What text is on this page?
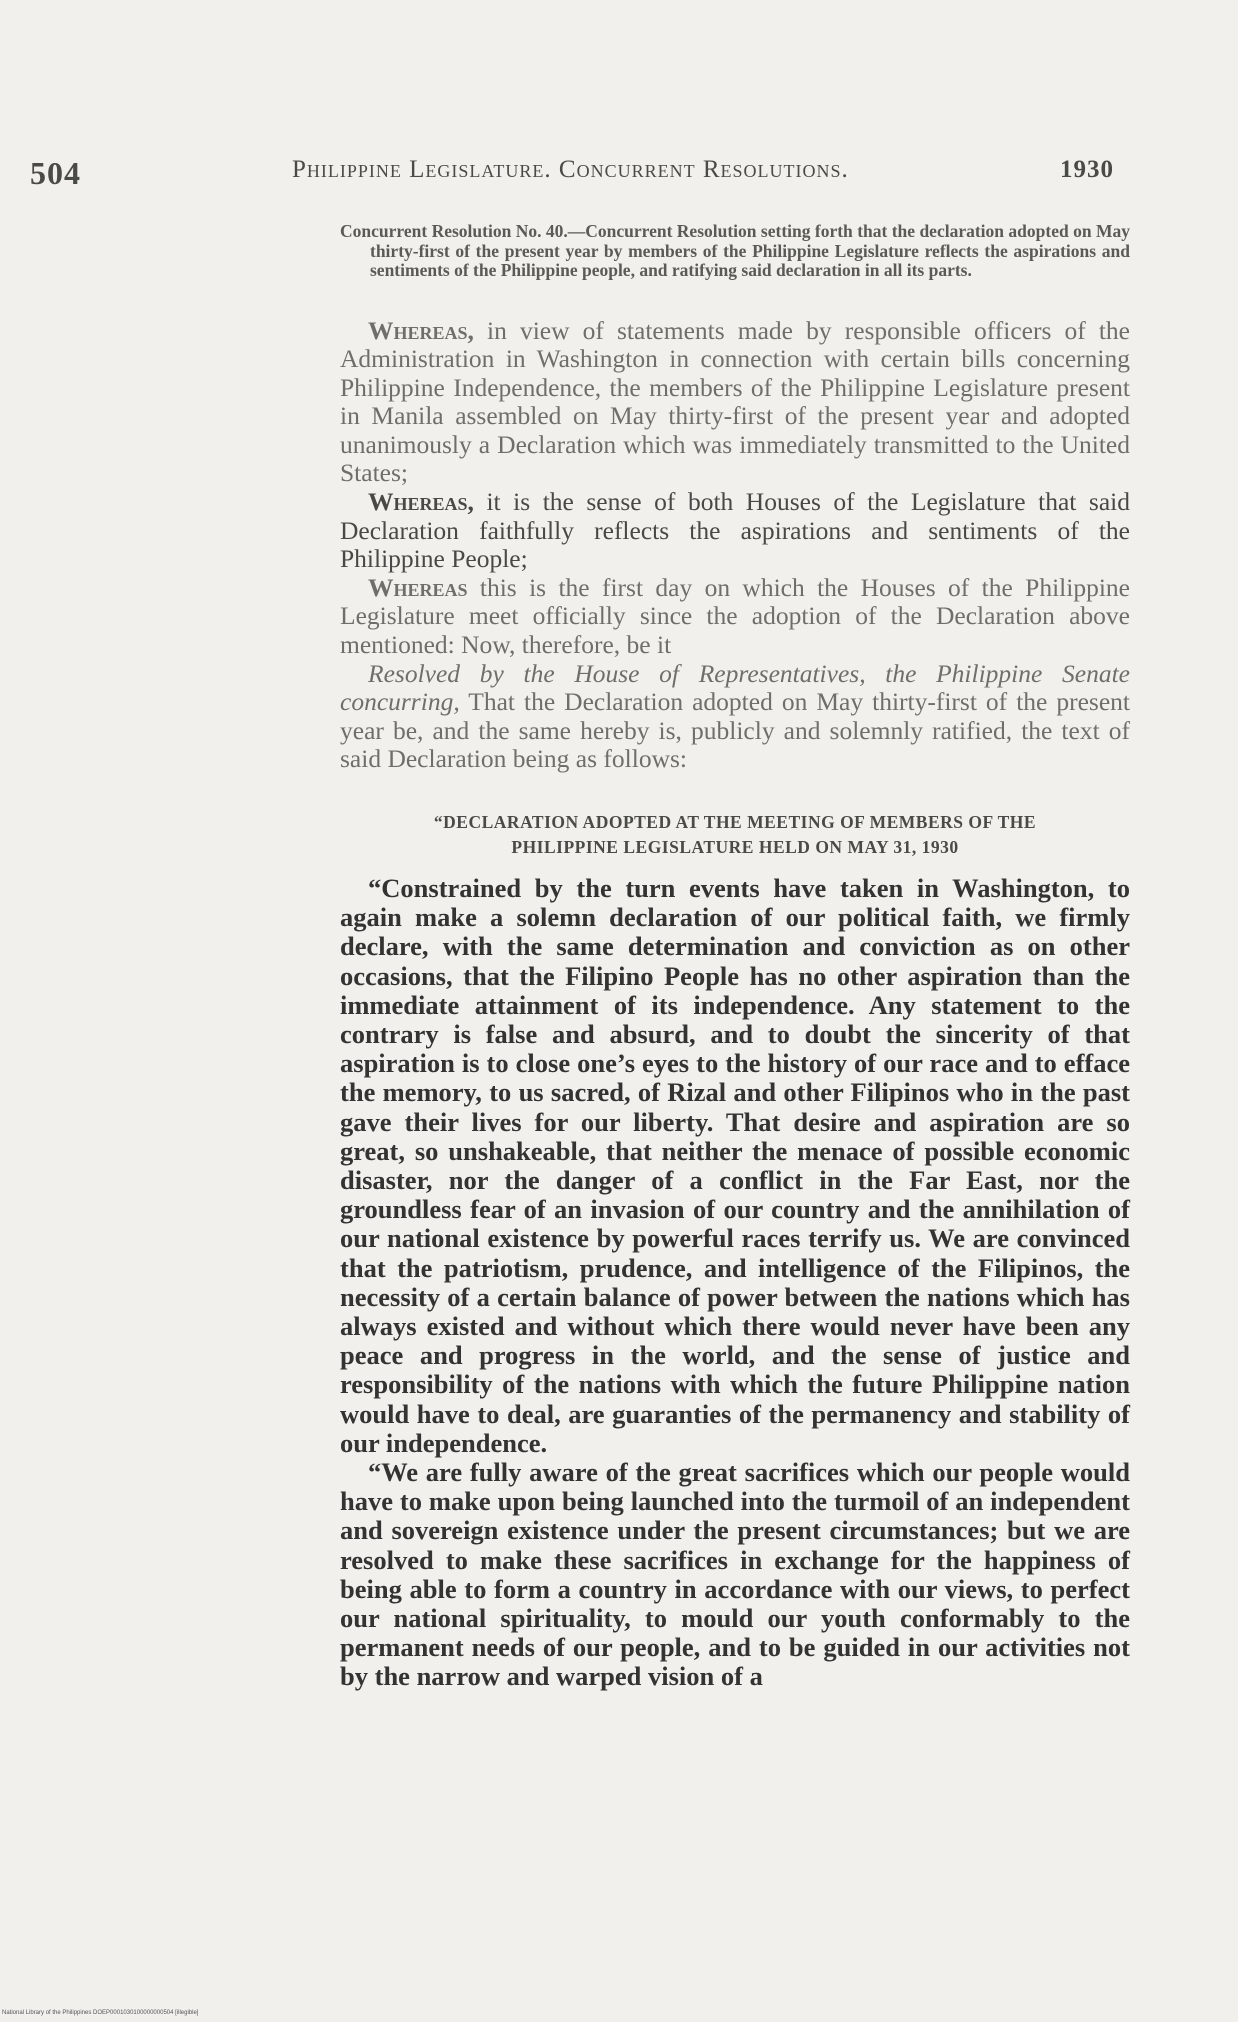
504	Philippine Legislature. Concurrent Resolutions.	1930

Concurrent Resolution No. 40.—Concurrent Resolution setting forth that the declaration adopted on May thirty-first of the present year by members of the Philippine Legislature reflects the aspirations and sentiments of the Philippine people, and ratifying said declaration in all its parts.

Whereas, in view of statements made by responsible officers of the Administration in Washington in connection with certain bills concerning Philippine Independence, the members of the Philippine Legislature present in Manila assembled on May thirty-first of the present year and adopted unanimously a Declaration which was immediately transmitted to the United States;

Whereas, it is the sense of both Houses of the Legislature that said Declaration faithfully reflects the aspirations and sentiments of the Philippine People;

Whereas this is the first day on which the Houses of the Philippine Legislature meet officially since the adoption of the Declaration above mentioned: Now, therefore, be it

Resolved by the House of Representatives, the Philippine Senate concurring, That the Declaration adopted on May thirty-first of the present year be, and the same hereby is, publicly and solemnly ratified, the text of said Declaration being as follows:

“DECLARATION ADOPTED AT THE MEETING OF MEMBERS OF THE
PHILIPPINE LEGISLATURE HELD ON MAY 31, 1930

“Constrained by the turn events have taken in Washington, to again make a solemn declaration of our political faith, we firmly declare, with the same determination and conviction as on other occasions, that the Filipino People has no other aspiration than the immediate attainment of its independence. Any statement to the contrary is false and absurd, and to doubt the sincerity of that aspiration is to close one’s eyes to the history of our race and to efface the memory, to us sacred, of Rizal and other Filipinos who in the past gave their lives for our liberty. That desire and aspiration are so great, so unshakeable, that neither the menace of possible economic disaster, nor the danger of a conflict in the Far East, nor the groundless fear of an invasion of our country and the annihilation of our national existence by powerful races terrify us. We are convinced that the patriotism, prudence, and intelligence of the Filipinos, the necessity of a certain balance of power between the nations which has always existed and without which there would never have been any peace and progress in the world, and the sense of justice and responsibility of the nations with which the future Philippine nation would have to deal, are guaranties of the permanency and stability of our independence.

“We are fully aware of the great sacrifices which our people would have to make upon being launched into the turmoil of an independent and sovereign existence under the present circumstances; but we are resolved to make these sacrifices in exchange for the happiness of being able to form a country in accordance with our views, to perfect our national spirituality, to mould our youth conformably to the permanent needs of our people, and to be guided in our activities not by the narrow and warped vision of a

National Library of the Philippines DOEP0001030100000000504 [illegible]
